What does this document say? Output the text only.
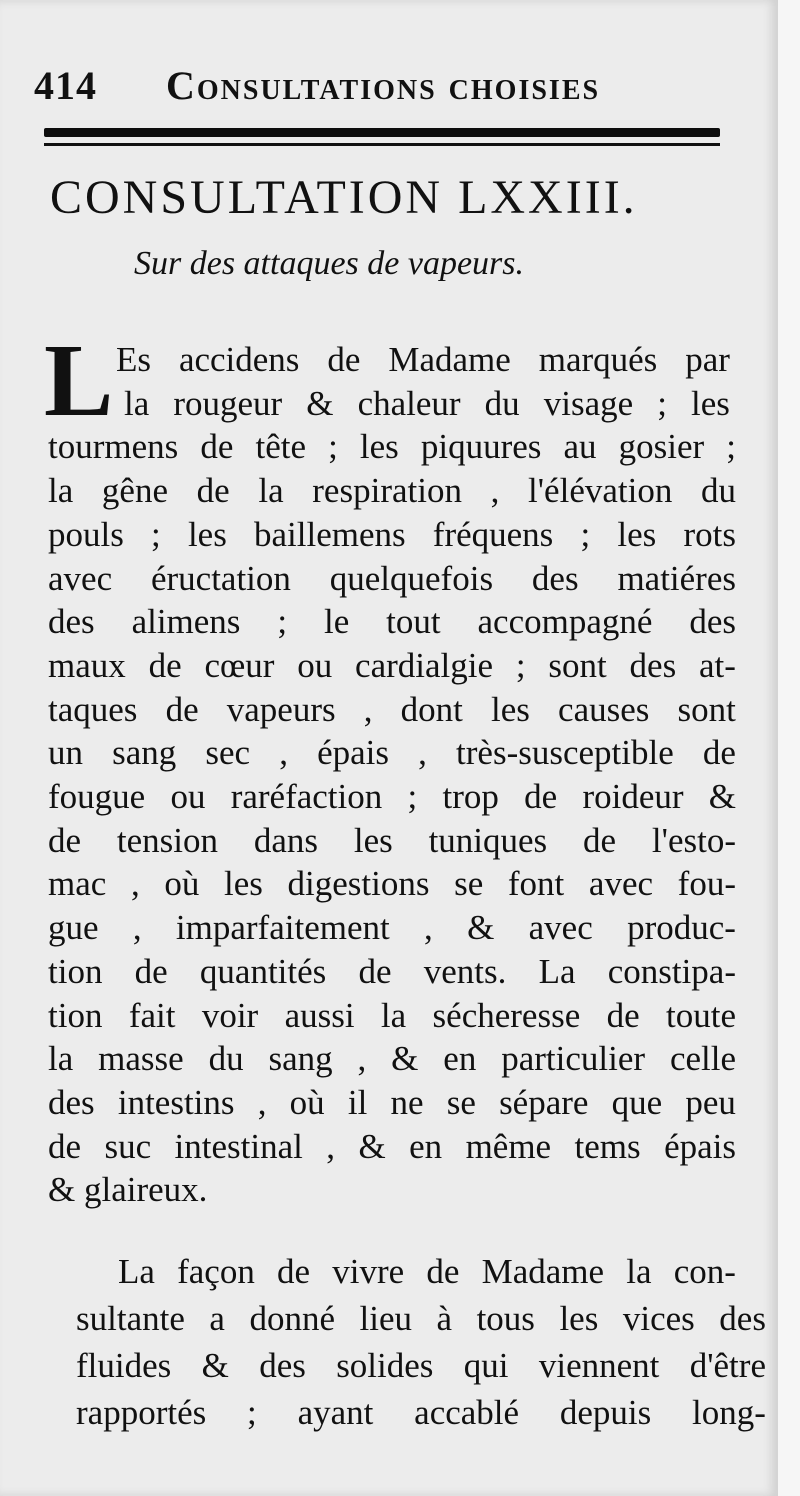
414 Consultations choisies
CONSULTATION LXXIII.
Sur des attaques de vapeurs.
L Es accidens de Madame marqués par
la rougeur & chaleur du visage ; les
tourmens de tête ; les piquures au gosier ;
la gêne de la respiration , l'élévation du
pouls ; les baillemens fréquens ; les rots
avec éructation quelquefois des matiéres
des alimens ; le tout accompagné des
maux de cœur ou cardialgie ; sont des at-
taques de vapeurs , dont les causes sont
un sang sec , épais , très-susceptible de
fougue ou raréfaction ; trop de roideur &
de tension dans les tuniques de l'esto-
mac , où les digestions se font avec fou-
gue , imparfaitement , & avec produc-
tion de quantités de vents. La constipa-
tion fait voir aussi la sécheresse de toute
la masse du sang , & en particulier celle
des intestins , où il ne se sépare que peu
de suc intestinal , & en même tems épais
& glaireux.
La façon de vivre de Madame la con-
sultante a donné lieu à tous les vices des
fluides & des solides qui viennent d'être
rapportés ; ayant accablé depuis long-
